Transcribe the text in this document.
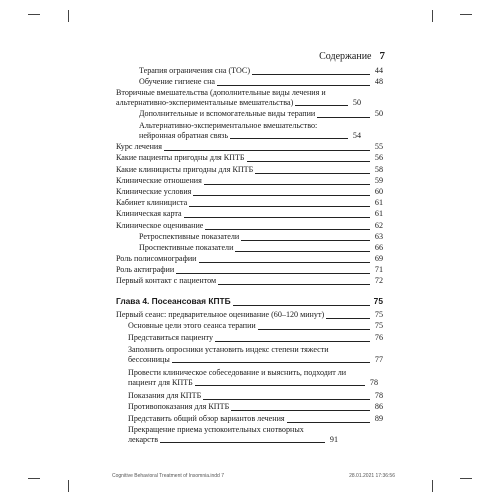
Содержание 7
Терапия ограничения сна (ТОС)	44
Обучение гигиене сна	48
Вторичные вмешательства (дополнительные виды лечения и альтернативно-экспериментальные вмешательства)	50
Дополнительные и вспомогательные виды терапии	50
Альтернативно-экспериментальное вмешательство: нейронная обратная связь	54
Курс лечения	55
Какие пациенты пригодны для КПТБ	56
Какие клиницисты пригодны для КПТБ	58
Клинические отношения	59
Клинические условия	60
Кабинет клинициста	61
Клиническая карта	61
Клиническое оценивание	62
Ретроспективные показатели	63
Проспективные показатели	66
Роль полисомнографии	69
Роль актиграфии	71
Первый контакт с пациентом	72
Глава 4. Посеансовая КПТБ	75
Первый сеанс: предварительное оценивание (60–120 минут)	75
Основные цели этого сеанса терапии	75
Представиться пациенту	76
Заполнить опросники установить индекс степени тяжести бессонницы	77
Провести клиническое собеседование и выяснить, подходит ли пациент для КПТБ	78
Показания для КПТБ	78
Противопоказания для КПТБ	86
Представить общий обзор вариантов лечения	89
Прекращение приема успокоительных снотворных лекарств	91
Cognitive Behavioral Treatment of Insomnia.indd 7	28.01.2021 17:36:56
